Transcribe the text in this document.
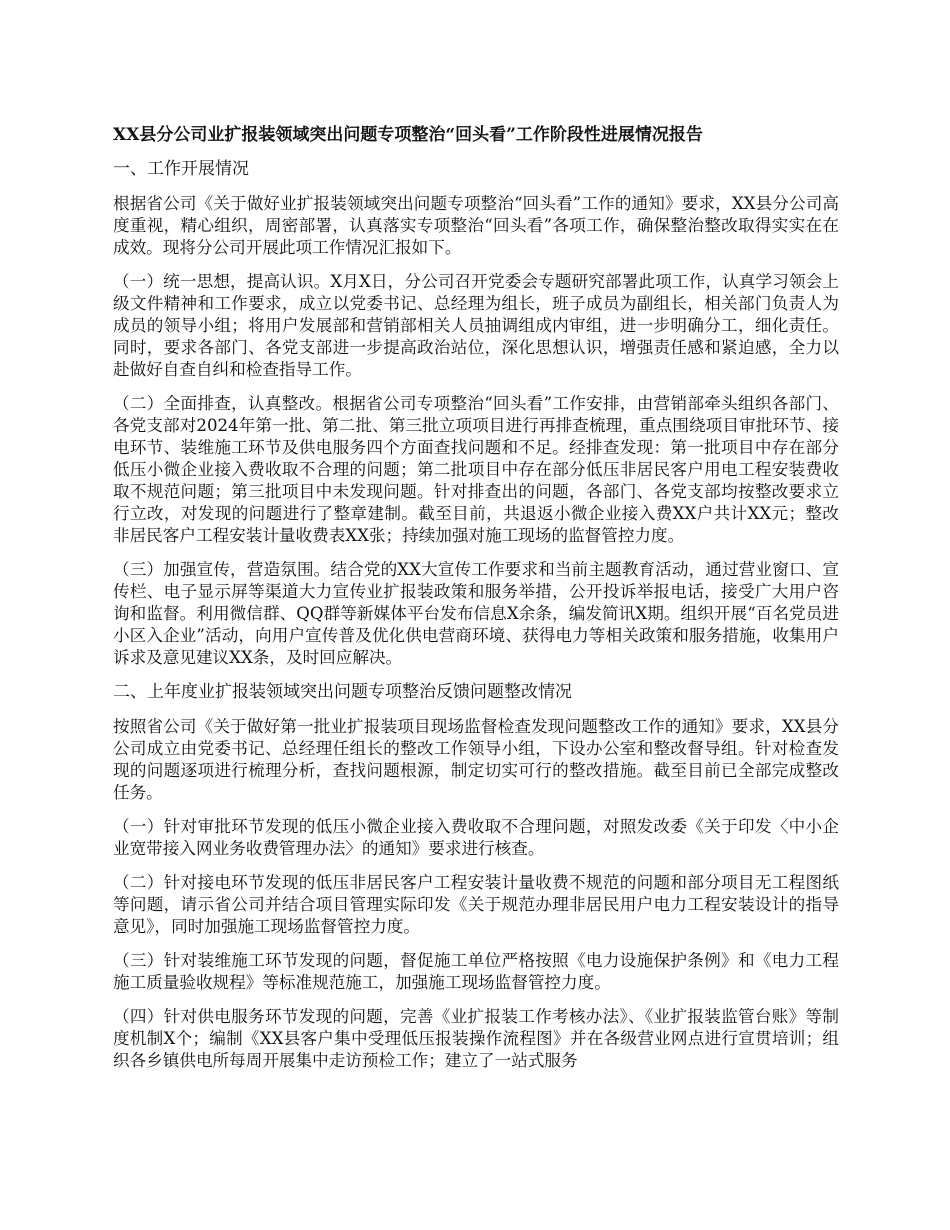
XX县分公司业扩报装领域突出问题专项整治“回头看”工作阶段性进展情况报告
一、工作开展情况

根据省公司《关于做好业扩报装领域突出问题专项整治“回头看”工作的通知》要求，XX县分公司高度重视，精心组织，周密部署，认真落实专项整治“回头看”各项工作，确保整治整改取得实实在在成效。现将分公司开展此项工作情况汇报如下。

（一）统一思想，提高认识。X月X日，分公司召开党委会专题研究部署此项工作，认真学习领会上级文件精神和工作要求，成立以党委书记、总经理为组长，班子成员为副组长，相关部门负责人为成员的领导小组；将用户发展部和营销部相关人员抽调组成内审组，进一步明确分工，细化责任。同时，要求各部门、各党支部进一步提高政治站位，深化思想认识，增强责任感和紧迫感，全力以赴做好自查自纠和检查指导工作。

（二）全面排查，认真整改。根据省公司专项整治“回头看”工作安排，由营销部牵头组织各部门、各党支部对2024年第一批、第二批、第三批立项项目进行再排查梳理，重点围绕项目审批环节、接电环节、装维施工环节及供电服务四个方面查找问题和不足。经排查发现：第一批项目中存在部分低压小微企业接入费收取不合理的问题；第二批项目中存在部分低压非居民客户用电工程安装费收取不规范问题；第三批项目中未发现问题。针对排查出的问题，各部门、各党支部均按整改要求立行立改，对发现的问题进行了整章建制。截至目前，共退返小微企业接入费XX户共计XX元；整改非居民客户工程安装计量收费表XX张；持续加强对施工现场的监督管控力度。

（三）加强宣传，营造氛围。结合党的XX大宣传工作要求和当前主题教育活动，通过营业窗口、宣传栏、电子显示屏等渠道大力宣传业扩报装政策和服务举措，公开投诉举报电话，接受广大用户咨询和监督。利用微信群、QQ群等新媒体平台发布信息X余条，编发简讯X期。组织开展“百名党员进小区入企业”活动，向用户宣传普及优化供电营商环境、获得电力等相关政策和服务措施，收集用户诉求及意见建议XX条，及时回应解决。

二、上年度业扩报装领域突出问题专项整治反馈问题整改情况

按照省公司《关于做好第一批业扩报装项目现场监督检查发现问题整改工作的通知》要求，XX县分公司成立由党委书记、总经理任组长的整改工作领导小组，下设办公室和整改督导组。针对检查发现的问题逐项进行梳理分析，查找问题根源，制定切实可行的整改措施。截至目前已全部完成整改任务。

（一）针对审批环节发现的低压小微企业接入费收取不合理问题，对照发改委《关于印发〈中小企业宽带接入网业务收费管理办法〉的通知》要求进行核查。

（二）针对接电环节发现的低压非居民客户工程安装计量收费不规范的问题和部分项目无工程图纸等问题，请示省公司并结合项目管理实际印发《关于规范办理非居民用户电力工程安装设计的指导意见》，同时加强施工现场监督管控力度。

（三）针对装维施工环节发现的问题，督促施工单位严格按照《电力设施保护条例》和《电力工程施工质量验收规程》等标准规范施工，加强施工现场监督管控力度。

（四）针对供电服务环节发现的问题，完善《业扩报装工作考核办法》、《业扩报装监管台账》等制度机制X个；编制《XX县客户集中受理低压报装操作流程图》并在各级营业网点进行宣贯培训；组织各乡镇供电所每周开展集中走访预检工作；建立了一站式服务
